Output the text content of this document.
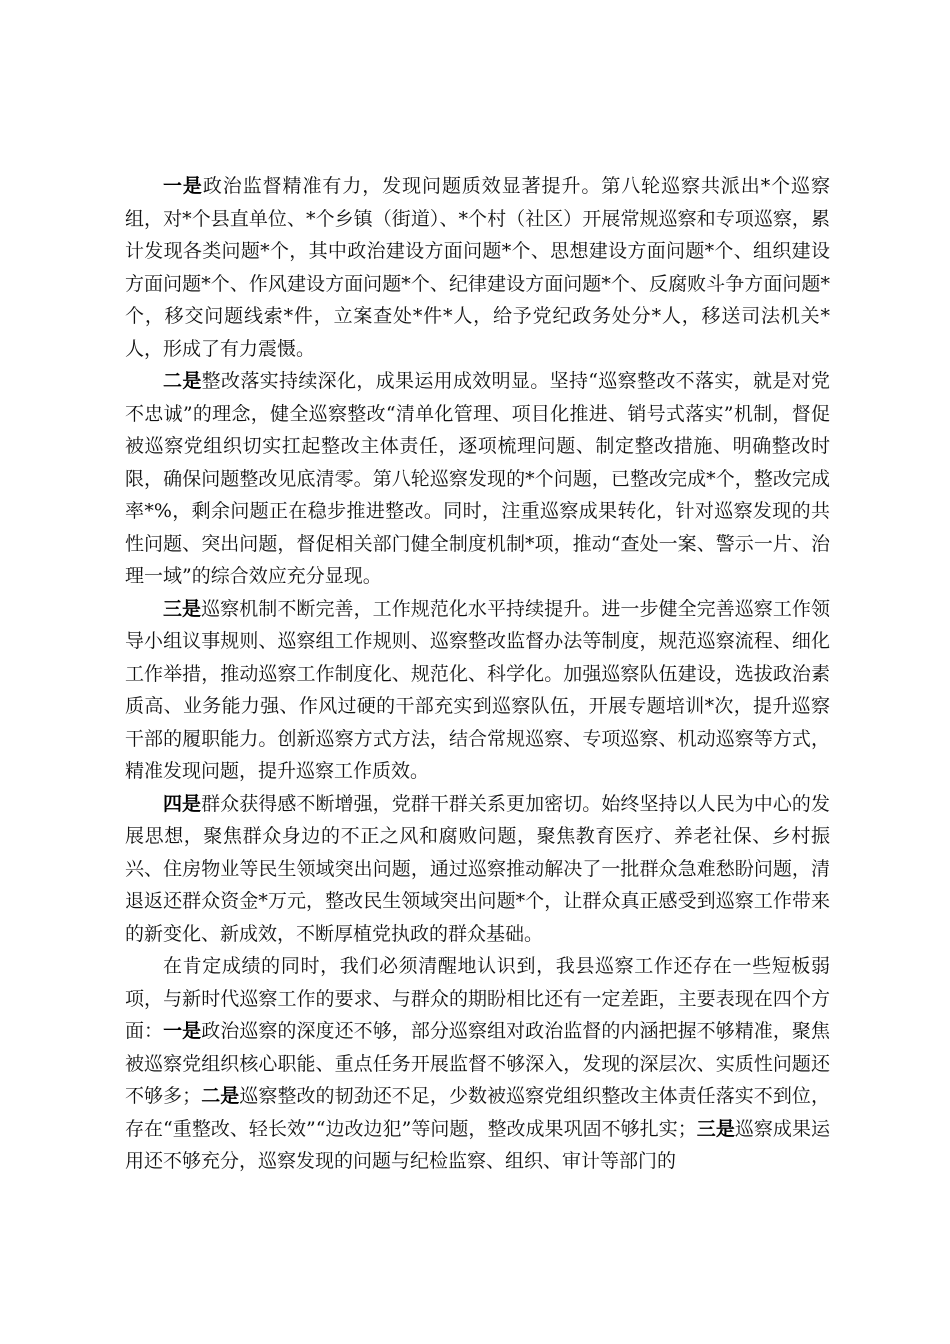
一是政治监督精准有力，发现问题质效显著提升。第八轮巡察共派出*个巡察组，对*个县直单位、*个乡镇（街道）、*个村（社区）开展常规巡察和专项巡察，累计发现各类问题*个，其中政治建设方面问题*个、思想建设方面问题*个、组织建设方面问题*个、作风建设方面问题*个、纪律建设方面问题*个、反腐败斗争方面问题*个，移交问题线索*件，立案查处*件*人，给予党纪政务处分*人，移送司法机关*人，形成了有力震慑。

二是整改落实持续深化，成果运用成效明显。坚持“巡察整改不落实，就是对党不忠诚”的理念，健全巡察整改“清单化管理、项目化推进、销号式落实”机制，督促被巡察党组织切实扛起整改主体责任，逐项梳理问题、制定整改措施、明确整改时限，确保问题整改见底清零。第八轮巡察发现的*个问题，已整改完成*个，整改完成率*%，剩余问题正在稳步推进整改。同时，注重巡察成果转化，针对巡察发现的共性问题、突出问题，督促相关部门健全制度机制*项，推动“查处一案、警示一片、治理一域”的综合效应充分显现。

三是巡察机制不断完善，工作规范化水平持续提升。进一步健全完善巡察工作领导小组议事规则、巡察组工作规则、巡察整改监督办法等制度，规范巡察流程、细化工作举措，推动巡察工作制度化、规范化、科学化。加强巡察队伍建设，选拔政治素质高、业务能力强、作风过硬的干部充实到巡察队伍，开展专题培训*次，提升巡察干部的履职能力。创新巡察方式方法，结合常规巡察、专项巡察、机动巡察等方式，精准发现问题，提升巡察工作质效。

四是群众获得感不断增强，党群干群关系更加密切。始终坚持以人民为中心的发展思想，聚焦群众身边的不正之风和腐败问题，聚焦教育医疗、养老社保、乡村振兴、住房物业等民生领域突出问题，通过巡察推动解决了一批群众急难愁盼问题，清退返还群众资金*万元，整改民生领域突出问题*个，让群众真正感受到巡察工作带来的新变化、新成效，不断厚植党执政的群众基础。

在肯定成绩的同时，我们必须清醒地认识到，我县巡察工作还存在一些短板弱项，与新时代巡察工作的要求、与群众的期盼相比还有一定差距，主要表现在四个方面：一是政治巡察的深度还不够，部分巡察组对政治监督的内涵把握不够精准，聚焦被巡察党组织核心职能、重点任务开展监督不够深入，发现的深层次、实质性问题还不够多；二是巡察整改的韧劲还不足，少数被巡察党组织整改主体责任落实不到位，存在“重整改、轻长效”“边改边犯”等问题，整改成果巩固不够扎实；三是巡察成果运用还不够充分，巡察发现的问题与纪检监察、组织、审计等部门的
